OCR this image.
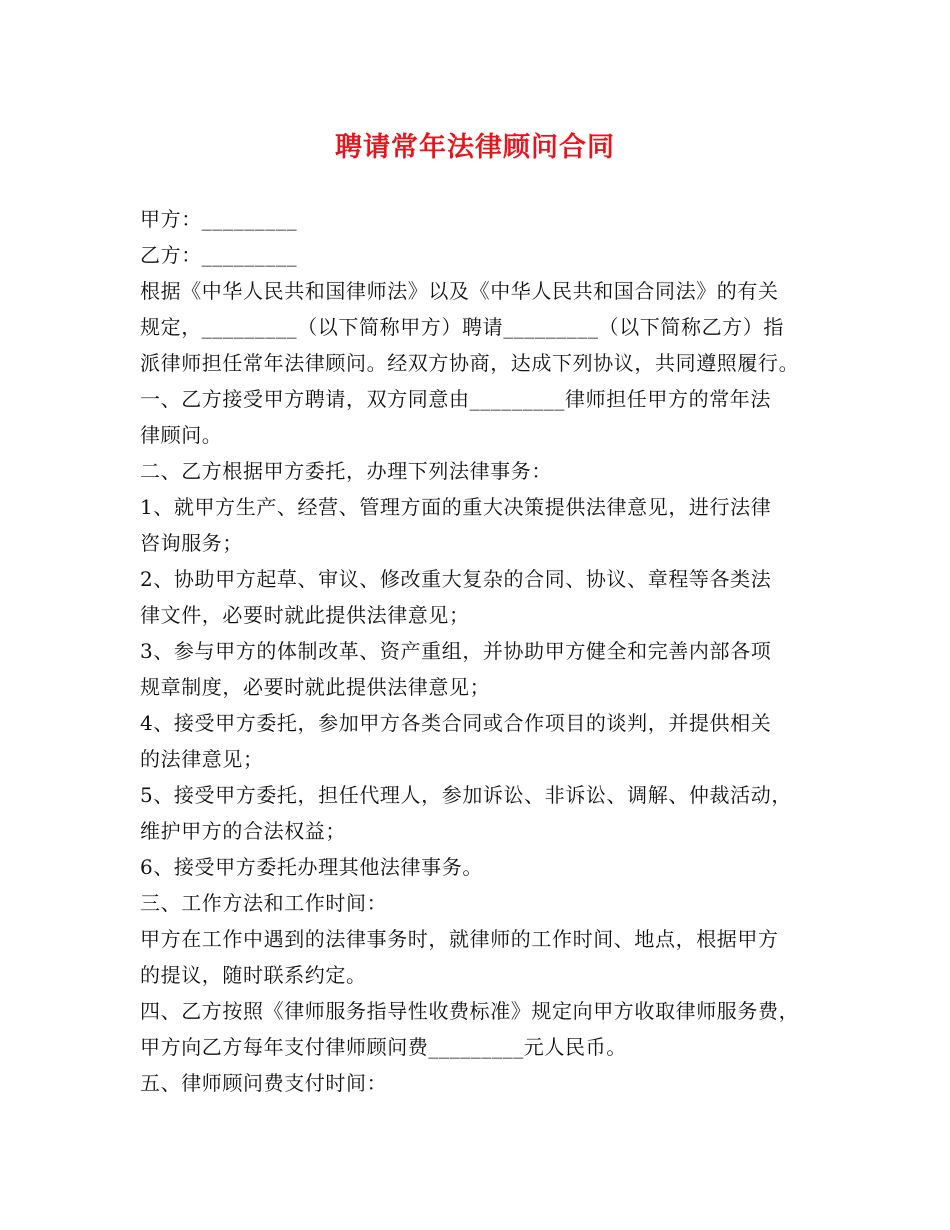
聘请常年法律顾问合同
甲方：_________
乙方：_________
根据《中华人民共和国律师法》以及《中华人民共和国合同法》的有关
规定，_________（以下简称甲方）聘请_________（以下简称乙方）指
派律师担任常年法律顾问。经双方协商，达成下列协议，共同遵照履行。
一、乙方接受甲方聘请，双方同意由_________律师担任甲方的常年法
律顾问。
二、乙方根据甲方委托，办理下列法律事务：
1、就甲方生产、经营、管理方面的重大决策提供法律意见，进行法律
咨询服务；
2、协助甲方起草、审议、修改重大复杂的合同、协议、章程等各类法
律文件，必要时就此提供法律意见；
3、参与甲方的体制改革、资产重组，并协助甲方健全和完善内部各项
规章制度，必要时就此提供法律意见；
4、接受甲方委托，参加甲方各类合同或合作项目的谈判，并提供相关
的法律意见；
5、接受甲方委托，担任代理人，参加诉讼、非诉讼、调解、仲裁活动，
维护甲方的合法权益；
6、接受甲方委托办理其他法律事务。
三、工作方法和工作时间：
甲方在工作中遇到的法律事务时，就律师的工作时间、地点，根据甲方
的提议，随时联系约定。
四、乙方按照《律师服务指导性收费标准》规定向甲方收取律师服务费，
甲方向乙方每年支付律师顾问费_________元人民币。
五、律师顾问费支付时间：
